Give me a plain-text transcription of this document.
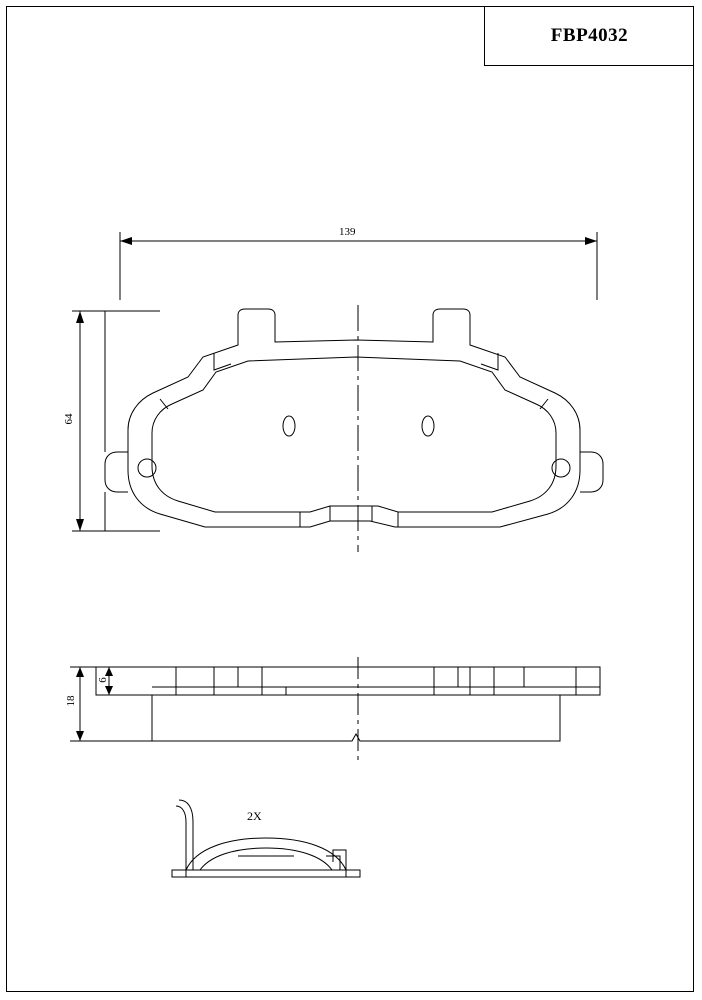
FBP4032
139
64
18
6
2X
